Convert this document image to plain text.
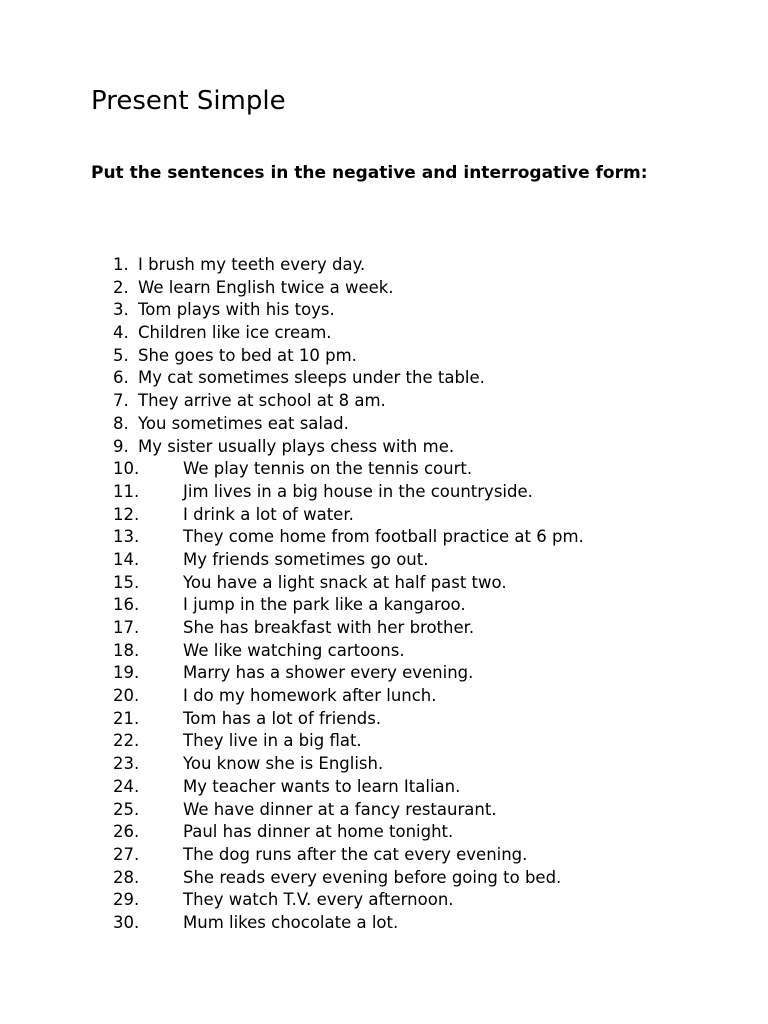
Present Simple

Put the sentences in the negative and interrogative form:

1. I brush my teeth every day.
2. We learn English twice a week.
3. Tom plays with his toys.
4. Children like ice cream.
5. She goes to bed at 10 pm.
6. My cat sometimes sleeps under the table.
7. They arrive at school at 8 am.
8. You sometimes eat salad.
9. My sister usually plays chess with me.
10.	We play tennis on the tennis court.
11.	Jim lives in a big house in the countryside.
12.	I drink a lot of water.
13.	They come home from football practice at 6 pm.
14.	My friends sometimes go out.
15.	You have a light snack at half past two.
16.	I jump in the park like a kangaroo.
17.	She has breakfast with her brother.
18.	We like watching cartoons.
19.	Marry has a shower every evening.
20.	I do my homework after lunch.
21.	Tom has a lot of friends.
22.	They live in a big flat.
23.	You know she is English.
24.	My teacher wants to learn Italian.
25.	We have dinner at a fancy restaurant.
26.	Paul has dinner at home tonight.
27.	The dog runs after the cat every evening.
28.	She reads every evening before going to bed.
29.	They watch T.V. every afternoon.
30.	Mum likes chocolate a lot.
